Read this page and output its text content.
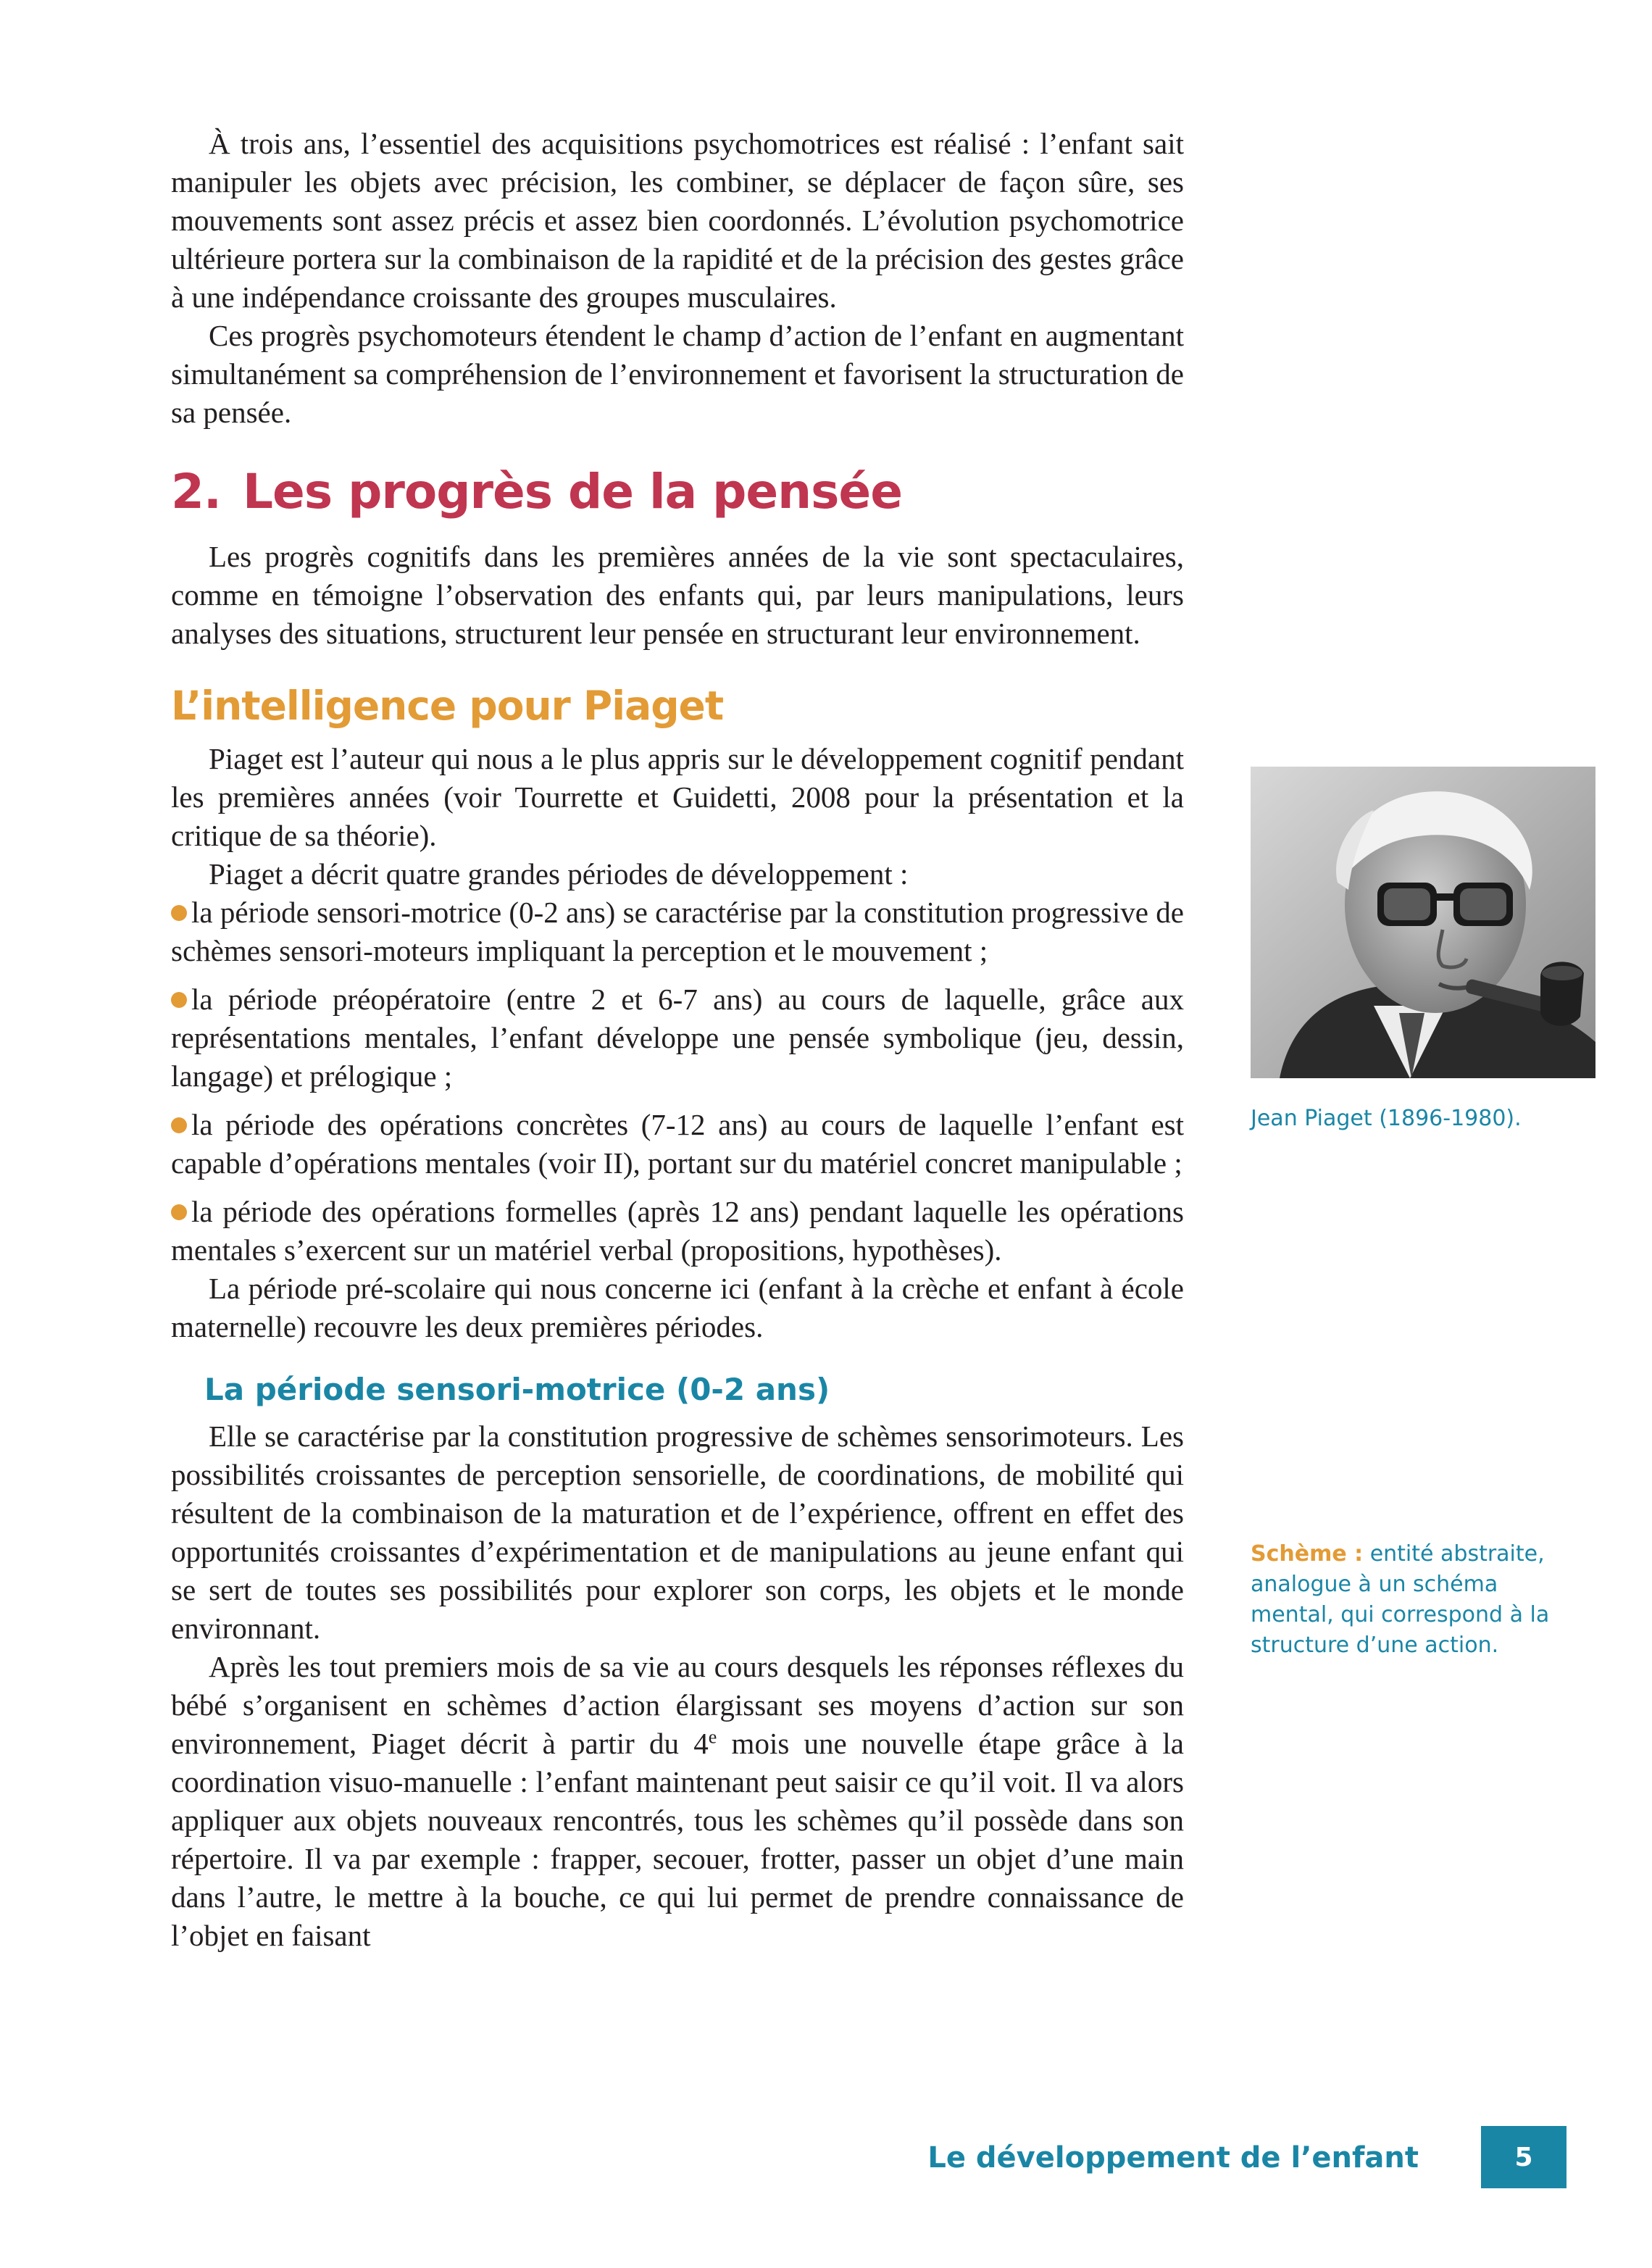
À trois ans, l’essentiel des acquisitions psychomotrices est réalisé : l’enfant sait manipuler les objets avec précision, les combiner, se déplacer de façon sûre, ses mouvements sont assez précis et assez bien coordonnés. L’évolution psychomotrice ultérieure portera sur la combinaison de la rapidité et de la précision des gestes grâce à une indépendance croissante des groupes musculaires.

Ces progrès psychomoteurs étendent le champ d’action de l’enfant en augmentant simultanément sa compréhension de l’environnement et favorisent la structuration de sa pensée.

2. Les progrès de la pensée

Les progrès cognitifs dans les premières années de la vie sont spectaculaires, comme en témoigne l’observation des enfants qui, par leurs manipulations, leurs analyses des situations, structurent leur pensée en structurant leur environnement.

L’intelligence pour Piaget

Piaget est l’auteur qui nous a le plus appris sur le développement cognitif pendant les premières années (voir Tourrette et Guidetti, 2008 pour la présentation et la critique de sa théorie).

Piaget a décrit quatre grandes périodes de développement :

la période sensori-motrice (0-2 ans) se caractérise par la constitution progressive de schèmes sensori-moteurs impliquant la perception et le mouvement ;
la période préopératoire (entre 2 et 6-7 ans) au cours de laquelle, grâce aux représentations mentales, l’enfant développe une pensée symbolique (jeu, dessin, langage) et prélogique ;
la période des opérations concrètes (7-12 ans) au cours de laquelle l’enfant est capable d’opérations mentales (voir II), portant sur du matériel concret manipulable ;
la période des opérations formelles (après 12 ans) pendant laquelle les opérations mentales s’exercent sur un matériel verbal (propositions, hypothèses).

La période pré-scolaire qui nous concerne ici (enfant à la crèche et enfant à école maternelle) recouvre les deux premières périodes.

La période sensori-motrice (0-2 ans)

Elle se caractérise par la constitution progressive de schèmes sensorimoteurs. Les possibilités croissantes de perception sensorielle, de coordinations, de mobilité qui résultent de la combinaison de la maturation et de l’expérience, offrent en effet des opportunités croissantes d’expérimentation et de manipulations au jeune enfant qui se sert de toutes ses possibilités pour explorer son corps, les objets et le monde environnant.

Après les tout premiers mois de sa vie au cours desquels les réponses réflexes du bébé s’organisent en schèmes d’action élargissant ses moyens d’action sur son environnement, Piaget décrit à partir du 4e mois une nouvelle étape grâce à la coordination visuo-manuelle : l’enfant maintenant peut saisir ce qu’il voit. Il va alors appliquer aux objets nouveaux rencontrés, tous les schèmes qu’il possède dans son répertoire. Il va par exemple : frapper, secouer, frotter, passer un objet d’une main dans l’autre, le mettre à la bouche, ce qui lui permet de prendre connaissance de l’objet en faisant

Jean Piaget (1896-1980).
Schème : entité abstraite, analogue à un schéma mental, qui correspond à la structure d’une action.
Le développement de l’enfant	5
